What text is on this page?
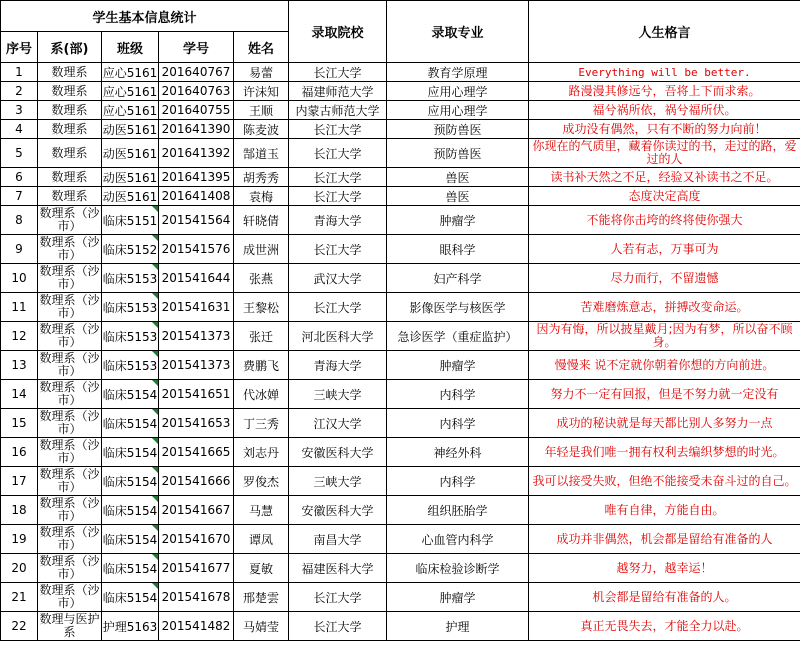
学生基本信息统计					录取院校	录取专业	人生格言
序号	系(部)	班级	学号	姓名			
1	数理系	应心5161	201640767	易蕾	长江大学	教育学原理	Everything will be better.
2	数理系	应心5161	201640763	许沫知	福建师范大学	应用心理学	路漫漫其修远兮，吾将上下而求索。
3	数理系	应心5161	201640755	王顺	内蒙古师范大学	应用心理学	福兮祸所依，祸兮福所伏。
4	数理系	动医5161	201641390	陈麦波	长江大学	预防兽医	成功没有偶然，只有不断的努力向前！
5	数理系	动医5161	201641392	郜道玉	长江大学	预防兽医	你现在的气质里，藏着你读过的书，走过的路，爱过的人
6	数理系	动医5161	201641395	胡秀秀	长江大学	兽医	读书补天然之不足，经验又补读书之不足。
7	数理系	动医5161	201641408	袁梅	长江大学	兽医	态度决定高度
8	数理系（沙市）	临床5151	201541564	轩晓倩	青海大学	肿瘤学	不能将你击垮的终将使你强大
9	数理系（沙市）	临床5152	201541576	成世洲	长江大学	眼科学	人若有志，万事可为
10	数理系（沙市）	临床5153	201541644	张燕	武汉大学	妇产科学	尽力而行，不留遗憾
11	数理系（沙市）	临床5153	201541631	王黎松	长江大学	影像医学与核医学	苦难磨炼意志，拼搏改变命运。
12	数理系（沙市）	临床5153	201541373	张迁	河北医科大学	急诊医学（重症监护）	因为有悔，所以披星戴月;因为有梦，所以奋不顾身。
13	数理系（沙市）	临床5153	201541373	费鹏飞	青海大学	肿瘤学	慢慢来 说不定就你朝着你想的方向前进。
14	数理系（沙市）	临床5154	201541651	代冰婵	三峡大学	内科学	努力不一定有回报，但是不努力就一定没有
15	数理系（沙市）	临床5154	201541653	丁三秀	江汉大学	内科学	成功的秘诀就是每天都比别人多努力一点
16	数理系（沙市）	临床5154	201541665	刘志丹	安徽医科大学	神经外科	年轻是我们唯一拥有权利去编织梦想的时光。
17	数理系（沙市）	临床5154	201541666	罗俊杰	三峡大学	内科学	我可以接受失败，但绝不能接受未奋斗过的自己。
18	数理系（沙市）	临床5154	201541667	马慧	安徽医科大学	组织胚胎学	唯有自律，方能自由。
19	数理系（沙市）	临床5154	201541670	谭凤	南昌大学	心血管内科学	成功并非偶然，机会都是留给有准备的人
20	数理系（沙市）	临床5154	201541677	夏敏	福建医科大学	临床检验诊断学	越努力，越幸运！
21	数理系（沙市）	临床5154	201541678	邢楚雲	长江大学	肿瘤学	机会都是留给有准备的人。
22	数理与医护系	护理5163	201541482	马婧莹	长江大学	护理	真正无畏失去，才能全力以赴。
